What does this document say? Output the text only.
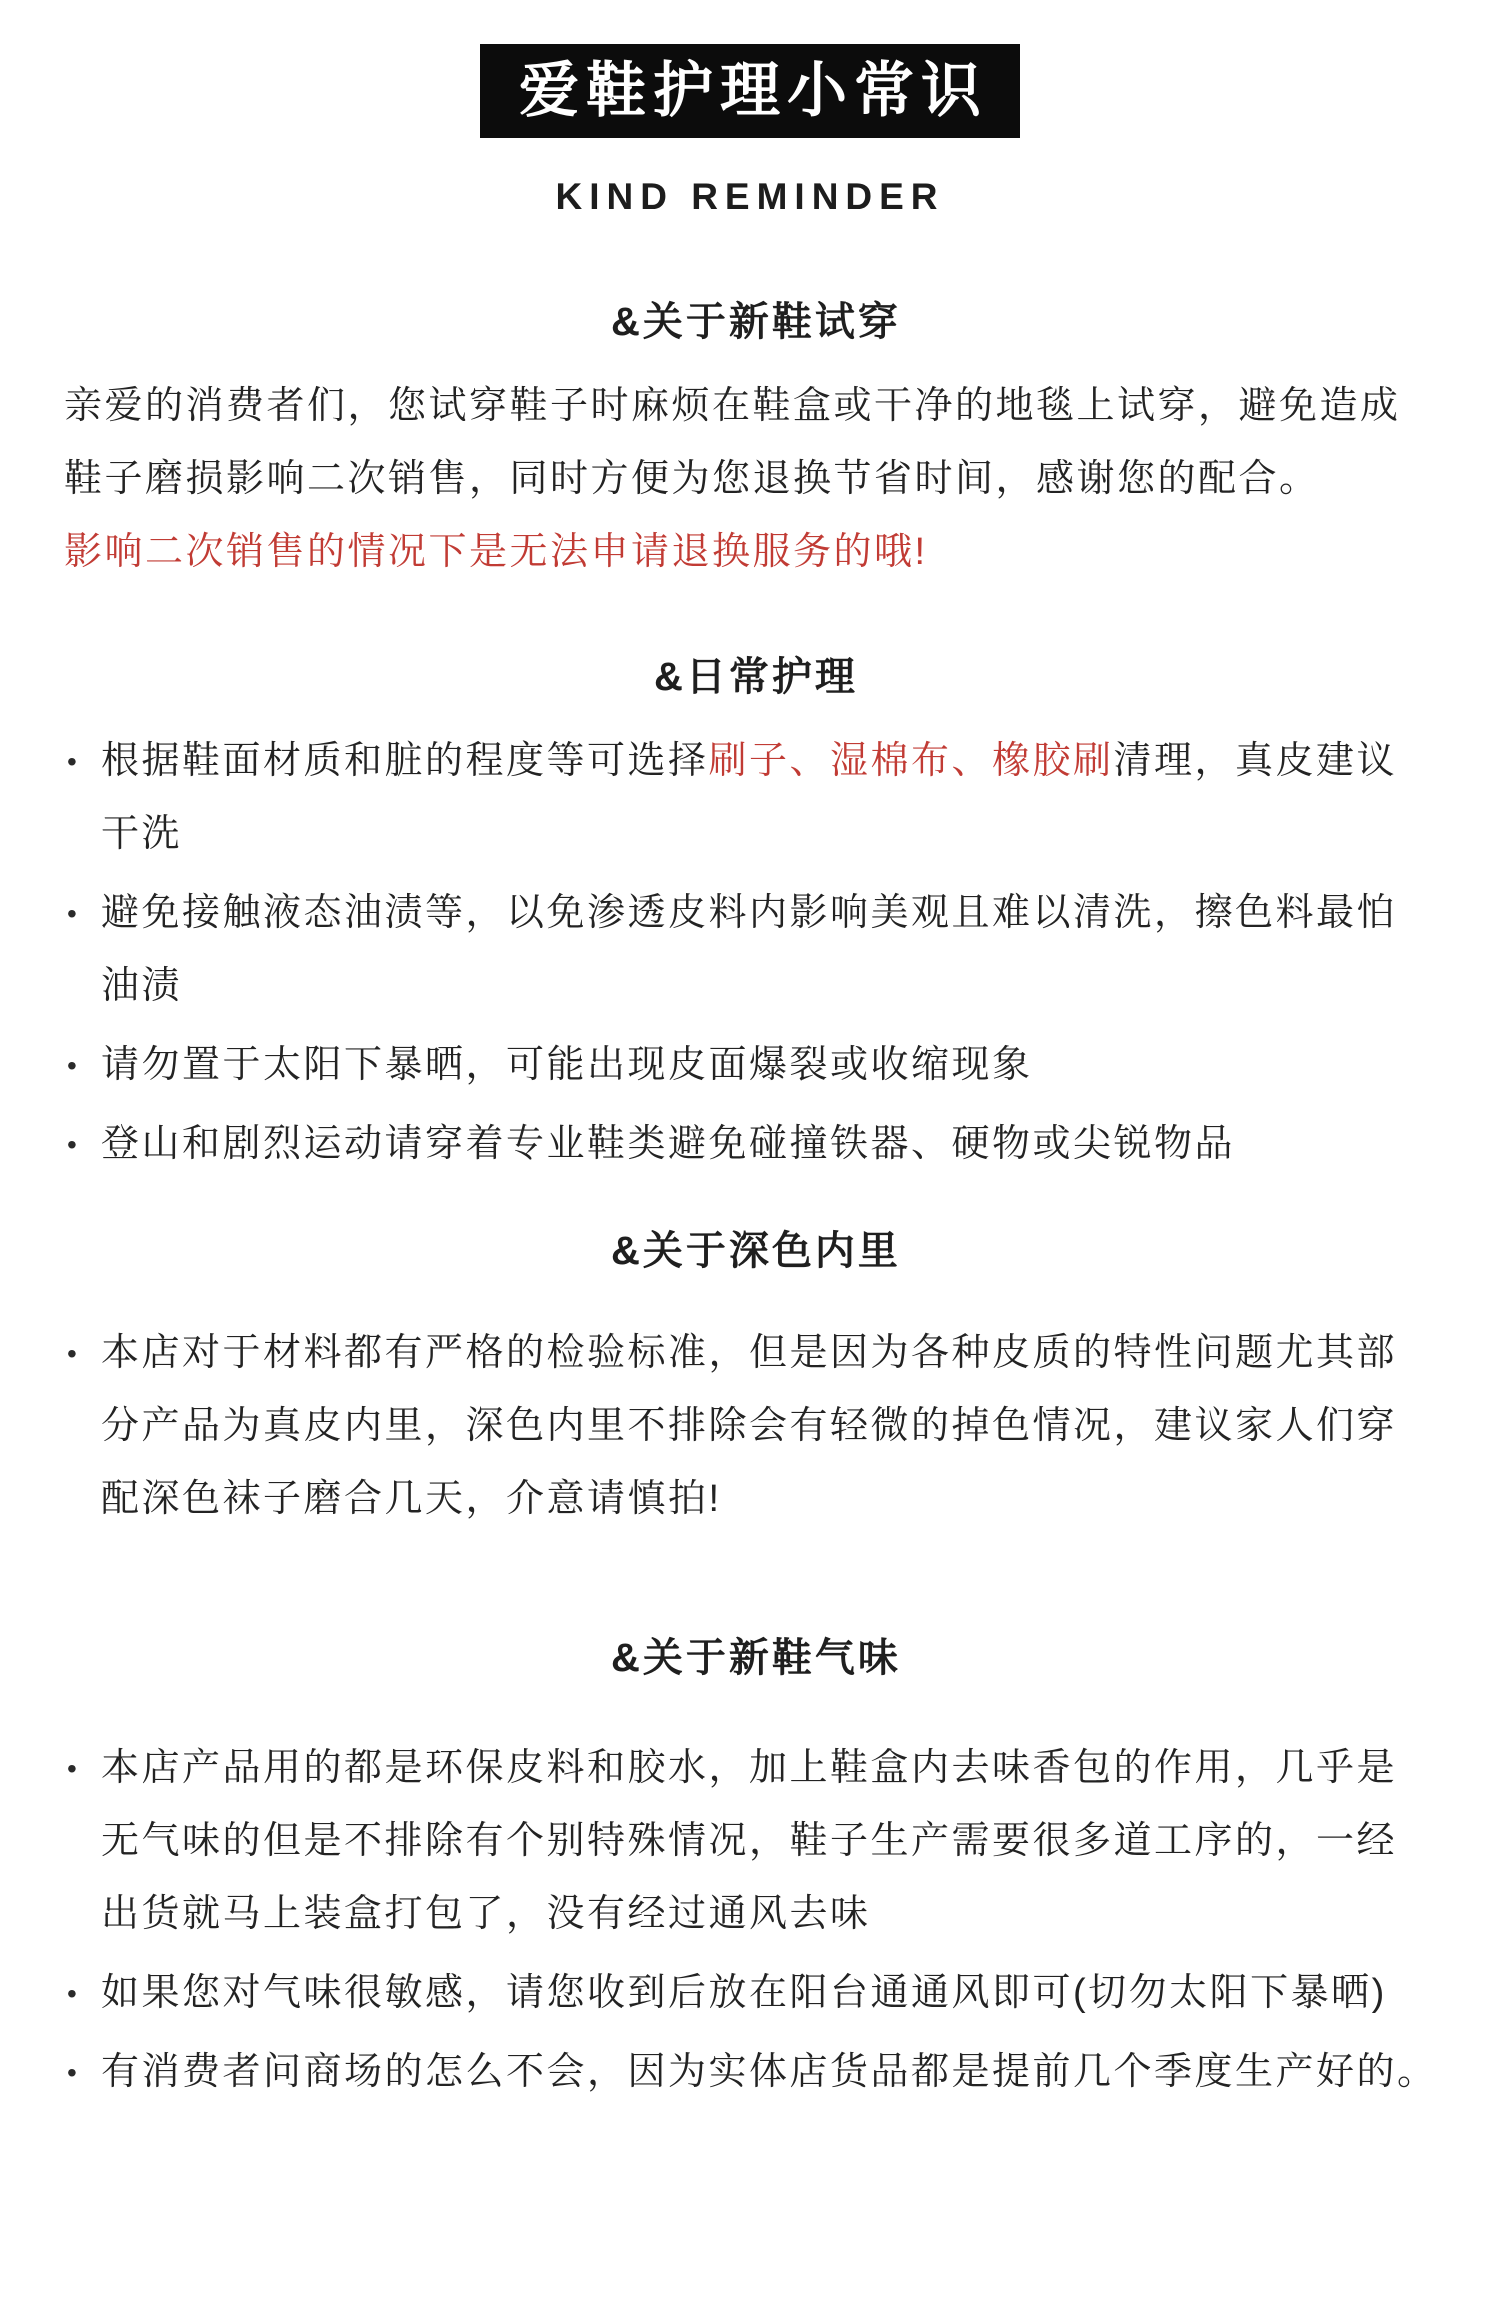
爱鞋护理小常识
KIND REMINDER
&关于新鞋试穿
亲爱的消费者们，您试穿鞋子时麻烦在鞋盒或干净的地毯上试穿，避免造成
鞋子磨损影响二次销售，同时方便为您退换节省时间，感谢您的配合。
影响二次销售的情况下是无法申请退换服务的哦!
&日常护理
• 根据鞋面材质和脏的程度等可选择刷子、湿棉布、橡胶刷清理，真皮建议
干洗
• 避免接触液态油渍等，以免渗透皮料内影响美观且难以清洗，擦色料最怕
油渍
• 请勿置于太阳下暴晒，可能出现皮面爆裂或收缩现象
• 登山和剧烈运动请穿着专业鞋类避免碰撞铁器、硬物或尖锐物品
&关于深色内里
• 本店对于材料都有严格的检验标准，但是因为各种皮质的特性问题尤其部
分产品为真皮内里，深色内里不排除会有轻微的掉色情况，建议家人们穿
配深色袜子磨合几天，介意请慎拍!
&关于新鞋气味
• 本店产品用的都是环保皮料和胶水，加上鞋盒内去味香包的作用，几乎是
无气味的但是不排除有个别特殊情况，鞋子生产需要很多道工序的，一经
出货就马上装盒打包了，没有经过通风去味
• 如果您对气味很敏感，请您收到后放在阳台通通风即可(切勿太阳下暴晒)
• 有消费者问商场的怎么不会，因为实体店货品都是提前几个季度生产好的。
